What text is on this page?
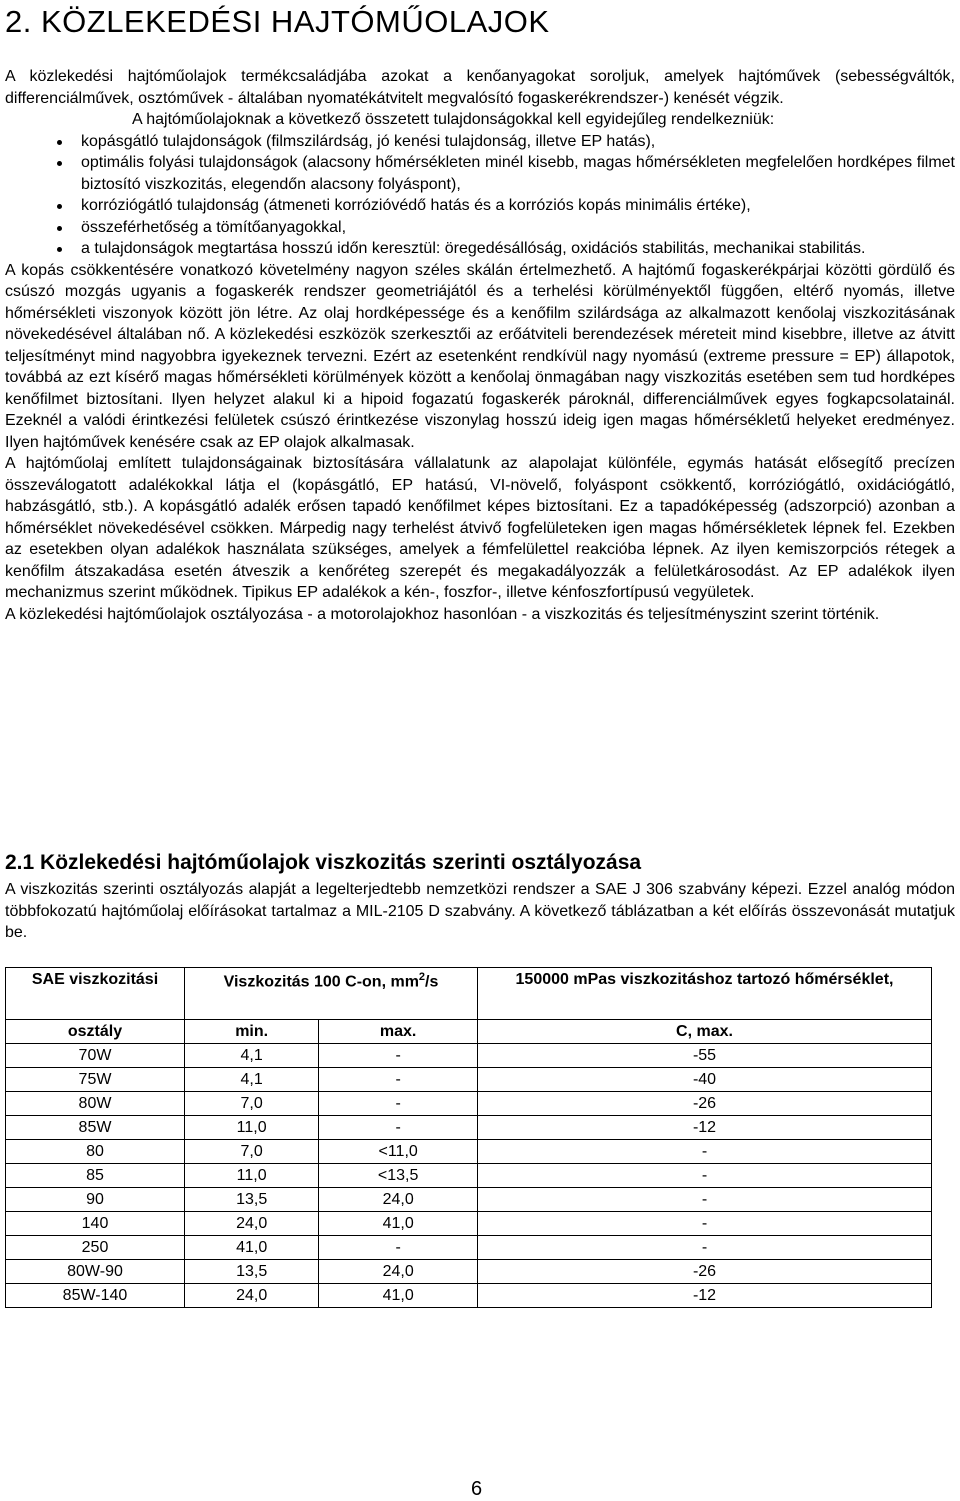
2. KÖZLEKEDÉSI HAJTÓMŰOLAJOK

A közlekedési hajtóműolajok termékcsaládjába azokat a kenőanyagokat soroljuk, amelyek hajtóművek (sebességváltók, differenciálművek, osztóművek - általában nyomatékátvitelt megvalósító fogaskerékrendszer-) kenését végzik.

A hajtóműolajoknak a következő összetett tulajdonságokkal kell egyidejűleg rendelkezniük:

kopásgátló tulajdonságok (filmszilárdság, jó kenési tulajdonság, illetve EP hatás),
optimális folyási tulajdonságok (alacsony hőmérsékleten minél kisebb, magas hőmérsékleten megfelelően hordképes filmet biztosító viszkozitás, elegendőn alacsony folyáspont),
korróziógátló tulajdonság (átmeneti korrózióvédő hatás és a korróziós kopás minimális értéke),
összeférhetőség a tömítőanyagokkal,
a tulajdonságok megtartása hosszú időn keresztül: öregedésállóság, oxidációs stabilitás, mechanikai stabilitás.

A kopás csökkentésére vonatkozó követelmény nagyon széles skálán értelmezhető. A hajtómű fogaskerékpárjai közötti gördülő és csúszó mozgás ugyanis a fogaskerék rendszer geometriájától és a terhelési körülményektől függően, eltérő nyomás, illetve hőmérsékleti viszonyok között jön létre. Az olaj hordképessége és a kenőfilm szilárdsága az alkalmazott kenőolaj viszkozitásának növekedésével általában nő. A közlekedési eszközök szerkesztői az erőátviteli berendezések méreteit mind kisebbre, illetve az átvitt teljesítményt mind nagyobbra igyekeznek tervezni. Ezért az esetenként rendkívül nagy nyomású (extreme pressure = EP) állapotok, továbbá az ezt kísérő magas hőmérsékleti körülmények között a kenőolaj önmagában nagy viszkozitás esetében sem tud hordképes kenőfilmet biztosítani. Ilyen helyzet alakul ki a hipoid fogazatú fogaskerék pároknál, differenciálművek egyes fogkapcsolatainál. Ezeknél a valódi érintkezési felületek csúszó érintkezése viszonylag hosszú ideig igen magas hőmérsékletű helyeket eredményez. Ilyen hajtóművek kenésére csak az EP olajok alkalmasak.

A hajtóműolaj említett tulajdonságainak biztosítására vállalatunk az alapolajat különféle, egymás hatását elősegítő precízen összeválogatott adalékokkal látja el (kopásgátló, EP hatású, VI-növelő, folyáspont csökkentő, korróziógátló, oxidációgátló, habzásgátló, stb.). A kopásgátló adalék erősen tapadó kenőfilmet képes biztosítani. Ez a tapadóképesség (adszorpció) azonban a hőmérséklet növekedésével csökken. Márpedig nagy terhelést átvivő fogfelületeken igen magas hőmérsékletek lépnek fel. Ezekben az esetekben olyan adalékok használata szükséges, amelyek a fémfelülettel reakcióba lépnek. Az ilyen kemiszorpciós rétegek a kenőfilm átszakadása esetén átveszik a kenőréteg szerepét és megakadályozzák a felületkárosodást. Az EP adalékok ilyen mechanizmus szerint működnek. Tipikus EP adalékok a kén-, foszfor-, illetve kénfoszfortípusú vegyületek.

A közlekedési hajtóműolajok osztályozása - a motorolajokhoz hasonlóan - a viszkozitás és teljesítményszint szerint történik.

2.1 Közlekedési hajtóműolajok viszkozitás szerinti osztályozása

A viszkozitás szerinti osztályozás alapját a legelterjedtebb nemzetközi rendszer a SAE J 306 szabvány képezi. Ezzel analóg módon többfokozatú hajtóműolaj előírásokat tartalmaz a MIL-2105 D szabvány. A következő táblázatban a két előírás összevonását mutatjuk be.

SAE viszkozitási	Viszkozitás 100 C-on, $mm^2/s$		150000 mPas viszkozitáshoz tartozó hőmérséklet,
osztály	min.	max.	C, max.
70W	4,1	-	-55
75W	4,1	-	-40
80W	7,0	-	-26
85W	11,0	-	-12
80	7,0	<11,0	-
85	11,0	<13,5	-
90	13,5	24,0	-
140	24,0	41,0	-
250	41,0	-	-
80W-90	13,5	24,0	-26
85W-140	24,0	41,0	-12
6
